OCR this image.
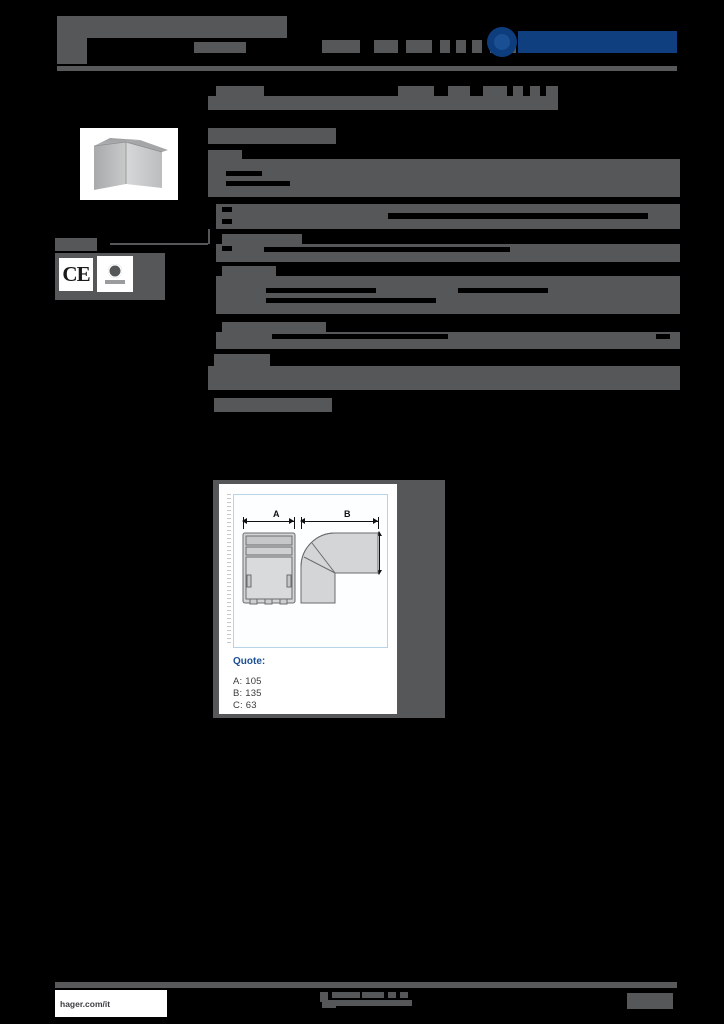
CE
A	B
Quote:
A: 105
B: 135
C: 63
hager.com/it
